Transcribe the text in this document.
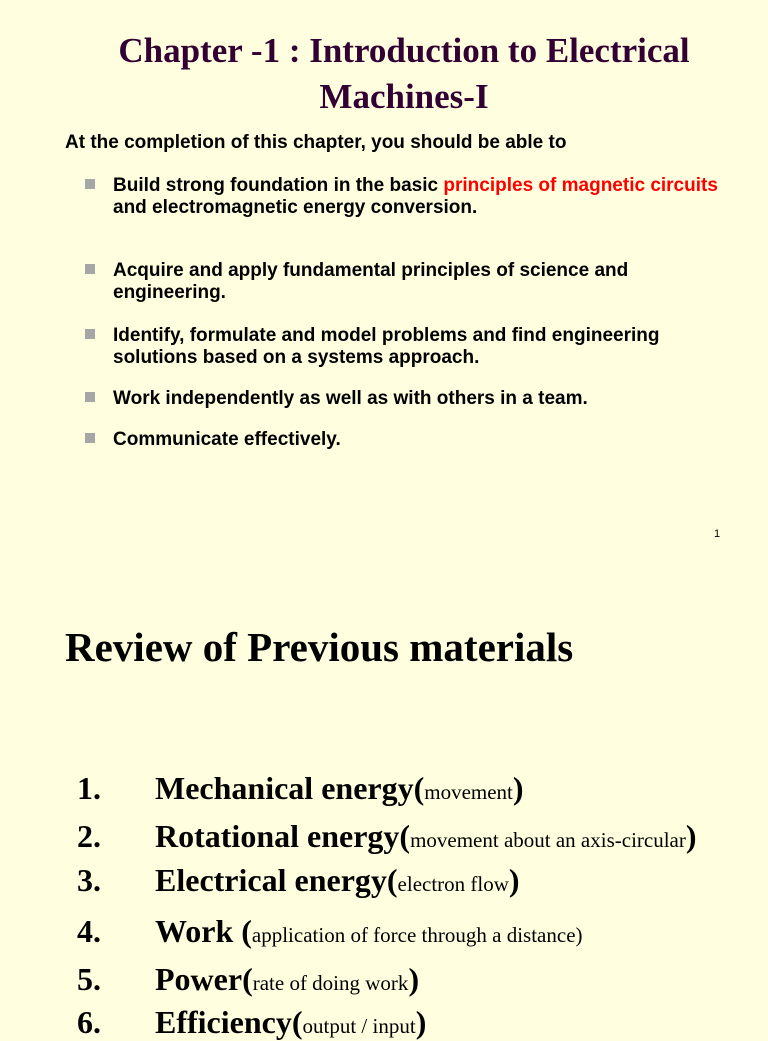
Chapter -1 : Introduction to Electrical Machines-I
At the completion of this chapter, you should be able to
Build strong foundation in the basic principles of magnetic circuits and electromagnetic energy conversion.
Acquire and apply fundamental principles of science and engineering.
Identify, formulate and model problems and find engineering solutions based on a systems approach.
Work independently as well as with others in a team.
Communicate effectively.
1
Review of Previous materials
1. Mechanical energy(movement)
2. Rotational energy(movement about an axis-circular)
3. Electrical energy(electron flow)
4. Work (application of force through a distance)
5. Power(rate of doing work)
6. Efficiency(output / input)
